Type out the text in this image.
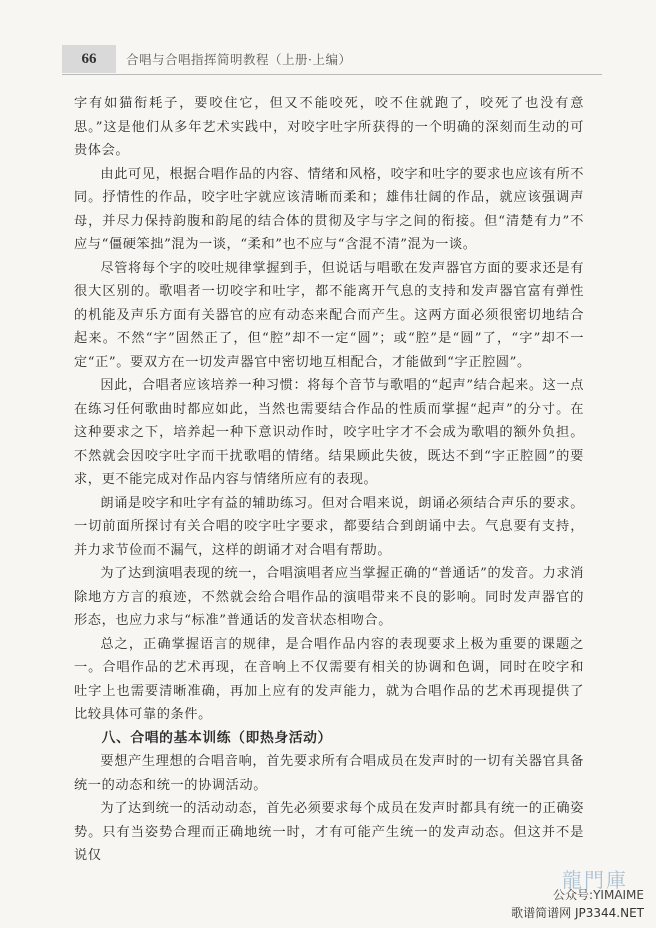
66	合唱与合唱指挥简明教程（上册·上编）

字有如猫衔耗子，要咬住它，但又不能咬死，咬不住就跑了，咬死了也没有意思。”这是他们从多年艺术实践中，对咬字吐字所获得的一个明确的深刻而生动的可贵体会。

由此可见，根据合唱作品的内容、情绪和风格，咬字和吐字的要求也应该有所不同。抒情性的作品，咬字吐字就应该清晰而柔和；雄伟壮阔的作品，就应该强调声母，并尽力保持韵腹和韵尾的结合体的贯彻及字与字之间的衔接。但“清楚有力”不应与“僵硬笨拙”混为一谈，“柔和”也不应与“含混不清”混为一谈。

尽管将每个字的咬吐规律掌握到手，但说话与唱歌在发声器官方面的要求还是有很大区别的。歌唱者一切咬字和吐字，都不能离开气息的支持和发声器官富有弹性的机能及声乐方面有关器官的应有动态来配合而产生。这两方面必须很密切地结合起来。不然“字”固然正了，但“腔”却不一定“圆”；或“腔”是“圆”了，“字”却不一定“正”。要双方在一切发声器官中密切地互相配合，才能做到“字正腔圆”。

因此，合唱者应该培养一种习惯：将每个音节与歌唱的“起声”结合起来。这一点在练习任何歌曲时都应如此，当然也需要结合作品的性质而掌握“起声”的分寸。在这种要求之下，培养起一种下意识动作时，咬字吐字才不会成为歌唱的额外负担。不然就会因咬字吐字而干扰歌唱的情绪。结果顾此失彼，既达不到“字正腔圆”的要求，更不能完成对作品内容与情绪所应有的表现。

朗诵是咬字和吐字有益的辅助练习。但对合唱来说，朗诵必须结合声乐的要求。一切前面所探讨有关合唱的咬字吐字要求，都要结合到朗诵中去。气息要有支持，并力求节俭而不漏气，这样的朗诵才对合唱有帮助。

为了达到演唱表现的统一，合唱演唱者应当掌握正确的“普通话”的发音。力求消除地方方言的痕迹，不然就会给合唱作品的演唱带来不良的影响。同时发声器官的形态，也应力求与“标准”普通话的发音状态相吻合。

总之，正确掌握语言的规律，是合唱作品内容的表现要求上极为重要的课题之一。合唱作品的艺术再现，在音响上不仅需要有相关的协调和色调，同时在咬字和吐字上也需要清晰准确，再加上应有的发声能力，就为合唱作品的艺术再现提供了比较具体可靠的条件。

八、合唱的基本训练（即热身活动）

要想产生理想的合唱音响，首先要求所有合唱成员在发声时的一切有关器官具备统一的动态和统一的协调活动。

为了达到统一的活动动态，首先必须要求每个成员在发声时都具有统一的正确姿势。只有当姿势合理而正确地统一时，才有可能产生统一的发声动态。但这并不是说仅

龍門庫
公众号:YIMAIME
歌谱简谱网 JP3344.NET
